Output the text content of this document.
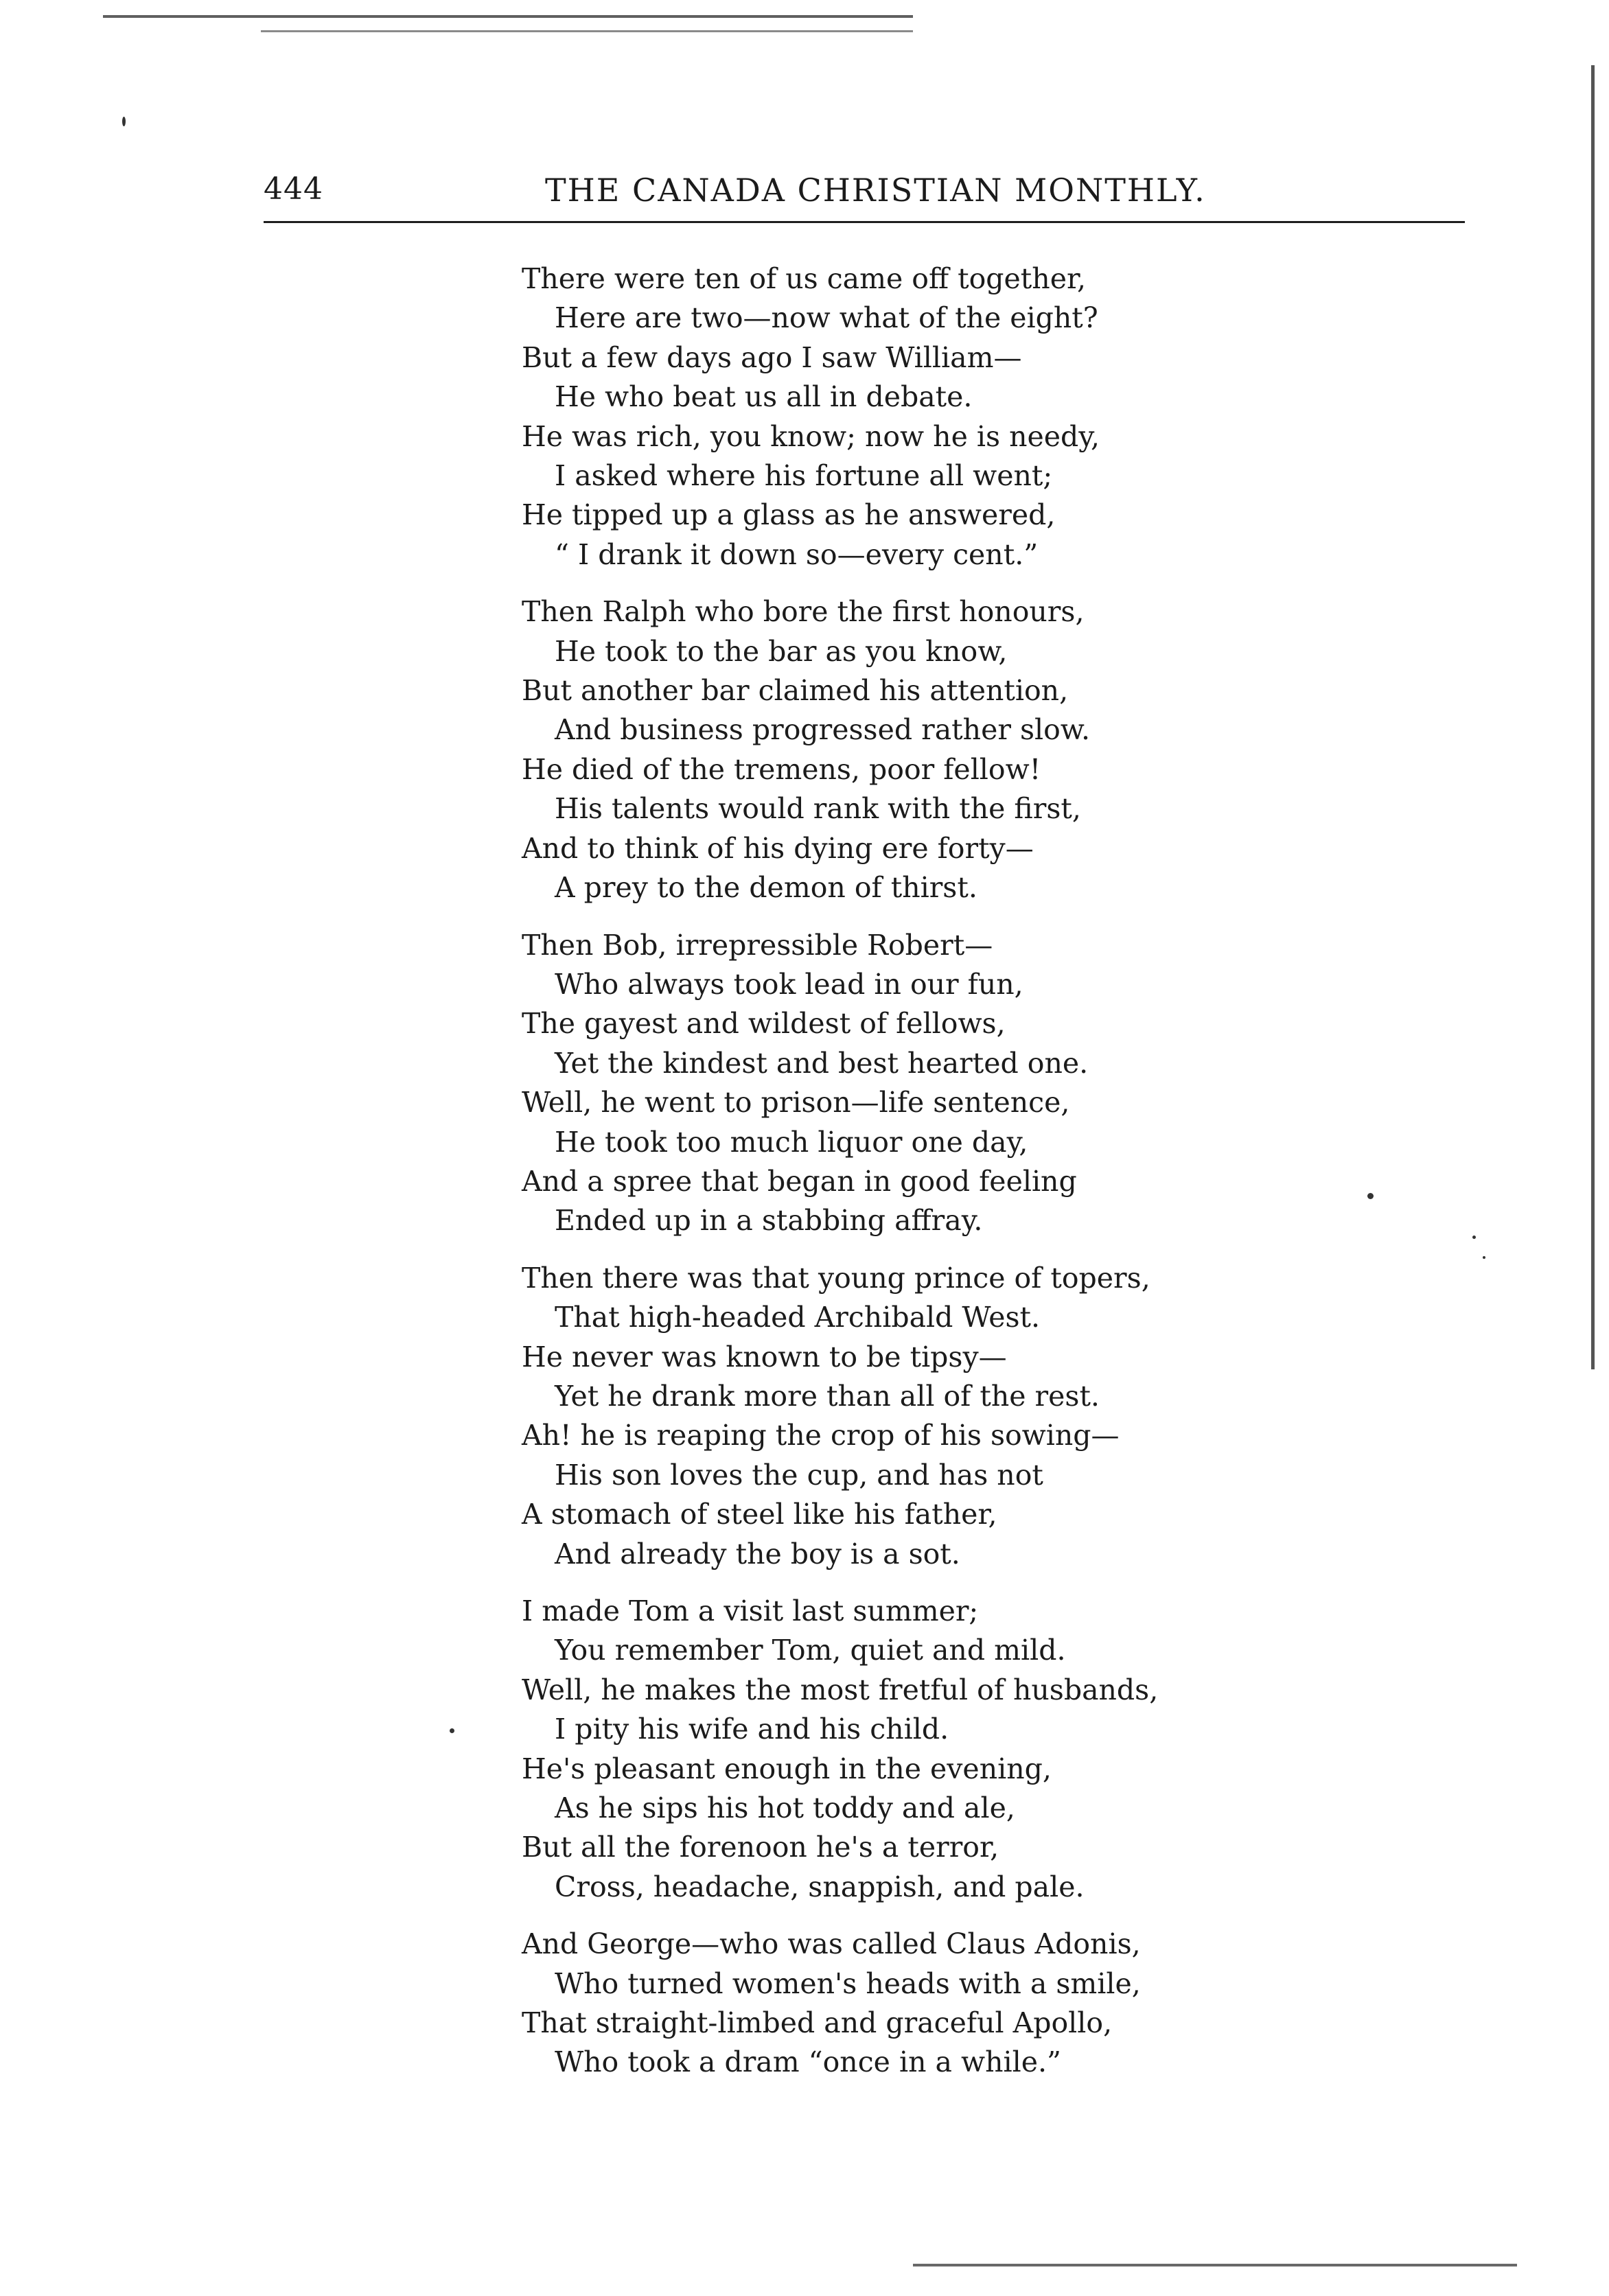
444	THE CANADA CHRISTIAN MONTHLY.
There were ten of us came off together,
Here are two—now what of the eight?
But a few days ago I saw William—
He who beat us all in debate.
He was rich, you know; now he is needy,
I asked where his fortune all went;
He tipped up a glass as he answered,
“ I drank it down so—every cent.”
Then Ralph who bore the first honours,
He took to the bar as you know,
But another bar claimed his attention,
And business progressed rather slow.
He died of the tremens, poor fellow!
His talents would rank with the first,
And to think of his dying ere forty—
A prey to the demon of thirst.
Then Bob, irrepressible Robert—
Who always took lead in our fun,
The gayest and wildest of fellows,
Yet the kindest and best hearted one.
Well, he went to prison—life sentence,
He took too much liquor one day,
And a spree that began in good feeling
Ended up in a stabbing affray.
Then there was that young prince of topers,
That high-headed Archibald West.
He never was known to be tipsy—
Yet he drank more than all of the rest.
Ah! he is reaping the crop of his sowing—
His son loves the cup, and has not
A stomach of steel like his father,
And already the boy is a sot.
I made Tom a visit last summer;
You remember Tom, quiet and mild.
Well, he makes the most fretful of husbands,
I pity his wife and his child.
He's pleasant enough in the evening,
As he sips his hot toddy and ale,
But all the forenoon he's a terror,
Cross, headache, snappish, and pale.
And George—who was called Claus Adonis,
Who turned women's heads with a smile,
That straight-limbed and graceful Apollo,
Who took a dram “once in a while.”
